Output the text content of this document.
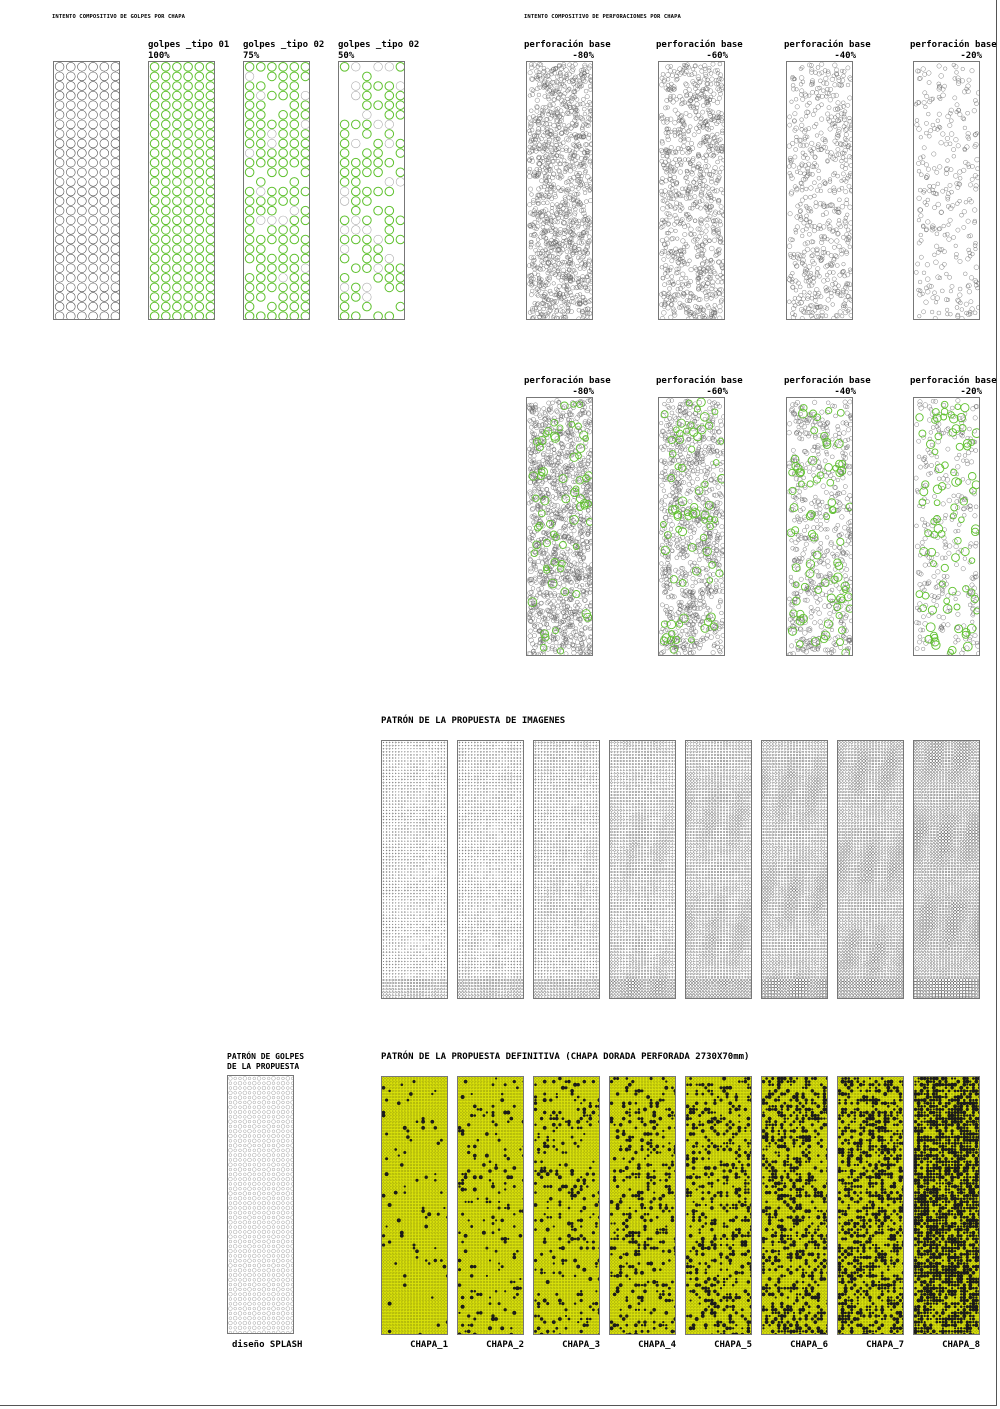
INTENTO COMPOSITIVO DE GOLPES POR CHAPA
golpes _tipo 01
100%
golpes _tipo 02
75%
golpes _tipo 02
50%
INTENTO COMPOSITIVO DE PERFORACIONES POR CHAPA
perforación base
-80%
perforación base
-60%
perforación base
-40%
perforación base
-20%
perforación base
-80%
perforación base
-60%
perforación base
-40%
perforación base
-20%
PATRÓN DE LA PROPUESTA DE IMAGENES
PATRÓN DE GOLPES
DE LA PROPUESTA
diseño SPLASH
PATRÓN DE LA PROPUESTA DEFINITIVA (CHAPA DORADA PERFORADA 2730X70mm)
CHAPA_1	CHAPA_2	CHAPA_3	CHAPA_4	CHAPA_5	CHAPA_6	CHAPA_7	CHAPA_8
